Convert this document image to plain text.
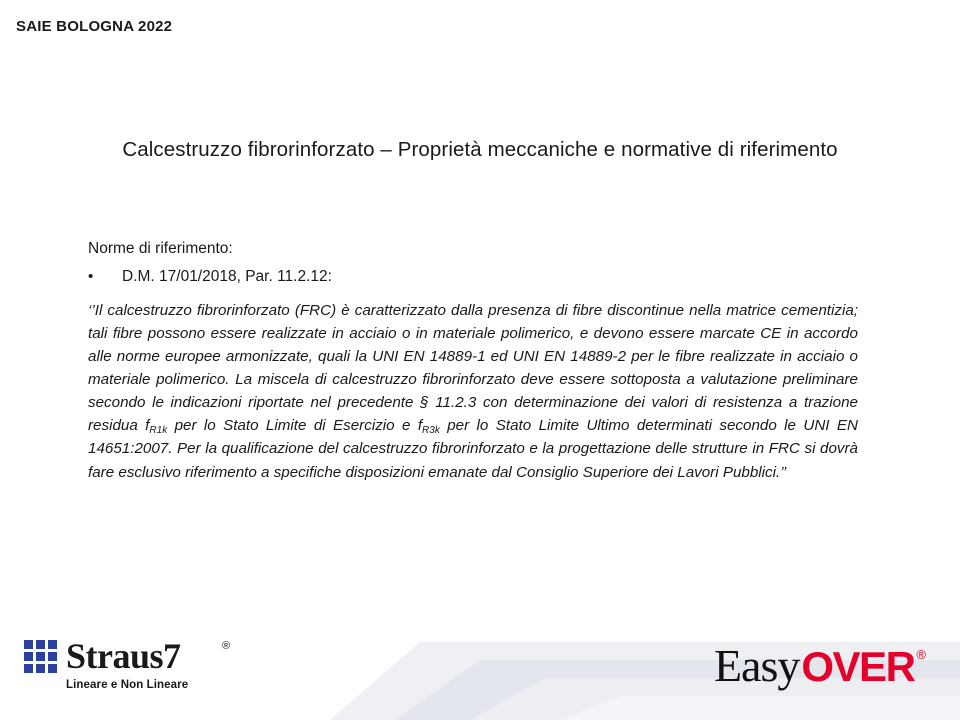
SAIE BOLOGNA 2022
Calcestruzzo fibrorinforzato – Proprietà meccaniche e normative di riferimento
Norme di riferimento:
•	D.M. 17/01/2018, Par. 11.2.12:
‘’Il calcestruzzo fibrorinforzato (FRC) è caratterizzato dalla presenza di fibre discontinue nella matrice cementizia; tali fibre possono essere realizzate in acciaio o in materiale polimerico, e devono essere marcate CE in accordo alle norme europee armonizzate, quali la UNI EN 14889-1 ed UNI EN 14889-2 per le fibre realizzate in acciaio o materiale polimerico. La miscela di calcestruzzo fibrorinforzato deve essere sottoposta a valutazione preliminare secondo le indicazioni riportate nel precedente § 11.2.3 con determinazione dei valori di resistenza a trazione residua $f_{R1k}$ per lo Stato Limite di Esercizio e $f_{R3k}$ per lo Stato Limite Ultimo determinati secondo le UNI EN 14651:2007. Per la qualificazione del calcestruzzo fibrorinforzato e la progettazione delle strutture in FRC si dovrà fare esclusivo riferimento a specifiche disposizioni emanate dal Consiglio Superiore dei Lavori Pubblici.’’
Straus7	®
Lineare e Non Lineare	Easy OVER ®
